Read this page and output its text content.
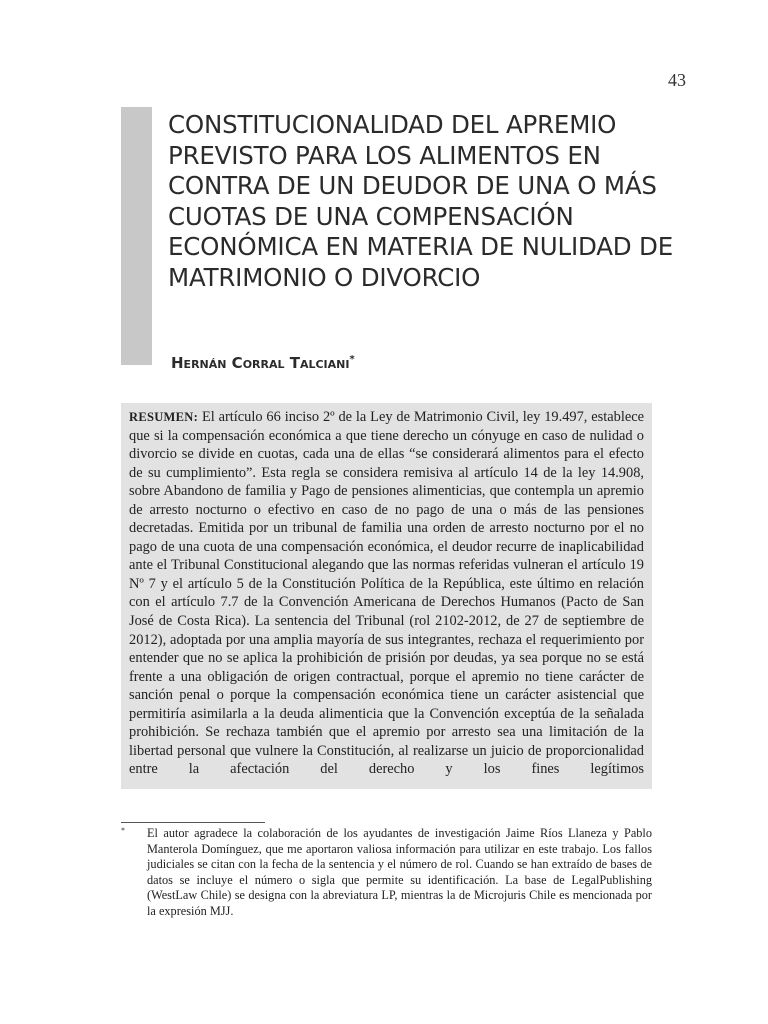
43
CONSTITUCIONALIDAD DEL APREMIO PREVISTO PARA LOS ALIMENTOS EN CONTRA DE UN DEUDOR DE UNA O MÁS CUOTAS DE UNA COMPENSACIÓN ECONÓMICA EN MATERIA DE NULIDAD DE MATRIMONIO O DIVORCIO

Hernán Corral Talciani*

RESUMEN: El artículo 66 inciso 2º de la Ley de Matrimonio Civil, ley 19.497, establece que si la compensación económica a que tiene derecho un cónyuge en caso de nulidad o divorcio se divide en cuotas, cada una de ellas “se considerará alimentos para el efecto de su cumplimiento”. Esta regla se considera remisiva al artículo 14 de la ley 14.908, sobre Abandono de familia y Pago de pensiones alimenticias, que contempla un apremio de arresto nocturno o efectivo en caso de no pago de una o más de las pensiones decretadas. Emitida por un tribunal de familia una orden de arresto nocturno por el no pago de una cuota de una compensación económica, el deudor recurre de inaplicabilidad ante el Tribunal Constitucional alegando que las normas referidas vulneran el artículo 19 Nº 7 y el artículo 5 de la Constitución Política de la República, este último en relación con el artículo 7.7 de la Convención Americana de Derechos Humanos (Pacto de San José de Costa Rica). La sentencia del Tribunal (rol 2102-2012, de 27 de septiembre de 2012), adoptada por una amplia mayoría de sus integrantes, rechaza el requerimiento por entender que no se aplica la prohibición de prisión por deudas, ya sea porque no se está frente a una obligación de origen contractual, porque el apremio no tiene carácter de sanción penal o porque la compensación económica tiene un carácter asistencial que permitiría asimilarla a la deuda alimenticia que la Convención exceptúa de la señalada prohibición. Se rechaza también que el apremio por arresto sea una limitación de la libertad personal que vulnere la Constitución, al realizarse un juicio de proporcionalidad entre la afectación del derecho y los fines legítimos

* El autor agradece la colaboración de los ayudantes de investigación Jaime Ríos Llaneza y Pablo Manterola Domínguez, que me aportaron valiosa información para utilizar en este trabajo. Los fallos judiciales se citan con la fecha de la sentencia y el número de rol. Cuando se han extraído de bases de datos se incluye el número o sigla que permite su identificación. La base de LegalPublishing (WestLaw Chile) se designa con la abreviatura LP, mientras la de Microjuris Chile es mencionada por la expresión MJJ.
